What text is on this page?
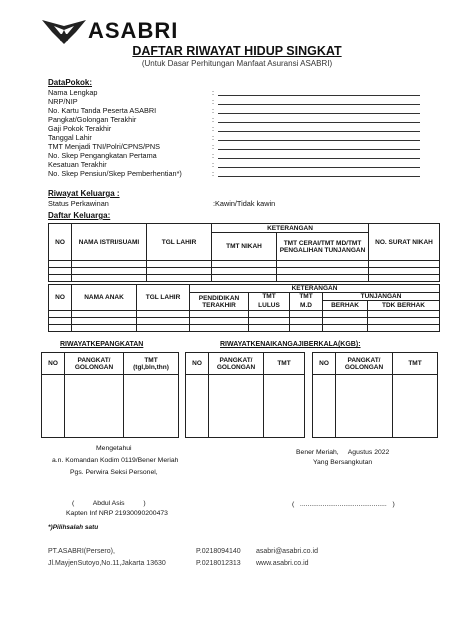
ASABRI
DAFTAR RIWAYAT HIDUP SINGKAT
(Untuk Dasar Perhitungan Manfaat Asuransi ASABRI)
DataPokok:
Nama Lengkap	:
NRP/NIP	:
No. Kartu Tanda Peserta ASABRI	:
Pangkat/Golongan Terakhir	:
Gaji Pokok Terakhir	:
Tanggal Lahir	:
TMT Menjadi TNI/Polri/CPNS/PNS	:
No. Skep Pengangkatan Pertama	:
Kesatuan Terakhir	:
No. Skep Pensiun/Skep Pemberhentian*)	:
Riwayat Keluarga :
Status Perkawinan	:Kawin/Tidak kawin
Daftar Keluarga:
NO	NAMA ISTRI/SUAMI	TGL LAHIR	KETERANGAN		NO. SURAT NIKAH
			TMT NIKAH	TMT CERAI/TMT MD/TMT PENGALIHAN TUNJANGAN	

NO	NAMA ANAK	TGL LAHIR	KETERANGAN				
			PENDIDIKAN TERAKHIR	TMT	TMT	TUNJANGAN	
				LULUS	M.D	BERHAK	TDK BERHAK

RIWAYATKEPANGKATAN
NO	PANGKAT/ GOLONGAN	TMT
(tgl,bln,thn)

RIWAYATKENAIKANGAJIBERKALA(KGB):
NO	PANGKAT/ GOLONGAN	TMT
			NO	PANGKAT/ GOLONGAN	TMT

Mengetahui
a.n. Komandan Kodim 0119/Bener Meriah
Pgs. Perwira Seksi Personel,
(          Abdul Asis          )
Kapten Inf NRP 21930090200473
Bener Meriah,     Agustus 2022
Yang Bersangkutan
(   ..............................................   )
*)Pilihsalah satu
PT.ASABRI(Persero),
Jl.MayjenSutoyo,No.11,Jakarta 13630
P.0218094140
P.0218012313
asabri@asabri.co.id
www.asabri.co.id
